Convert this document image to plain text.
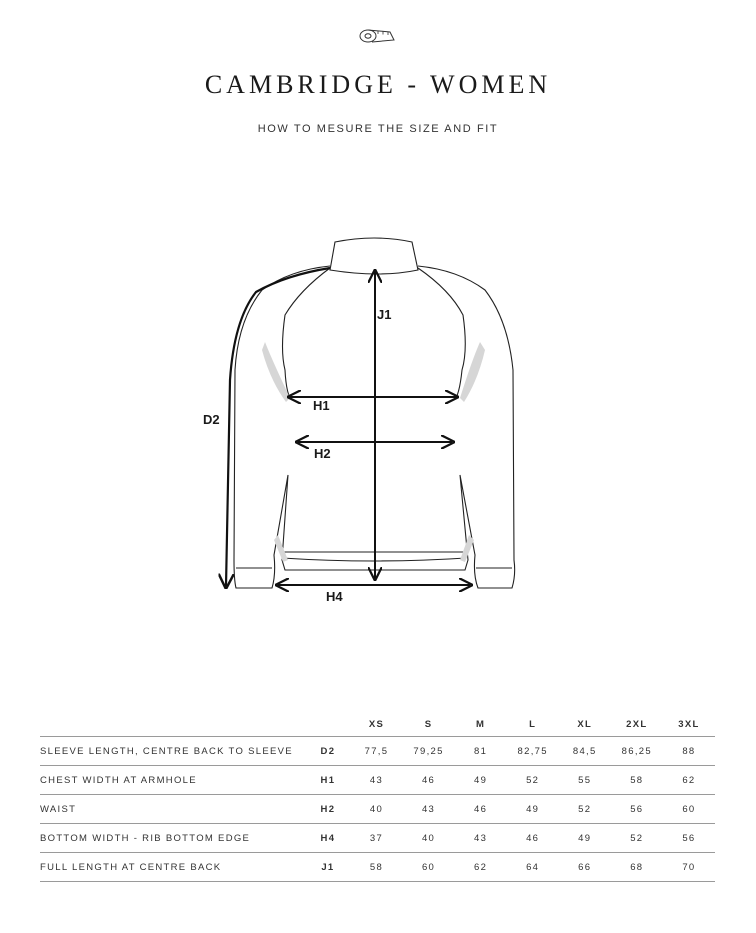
CAMBRIDGE - WOMEN
HOW TO MESURE THE SIZE AND FIT
J1
H1
H2
D2
H4
		XS	S	M	L	XL	2XL	3XL
SLEEVE LENGTH, CENTRE BACK TO SLEEVE	D2	77,5	79,25	81	82,75	84,5	86,25	88
CHEST WIDTH AT ARMHOLE	H1	43	46	49	52	55	58	62
WAIST	H2	40	43	46	49	52	56	60
BOTTOM WIDTH - RIB BOTTOM EDGE	H4	37	40	43	46	49	52	56
FULL LENGTH AT CENTRE BACK	J1	58	60	62	64	66	68	70
